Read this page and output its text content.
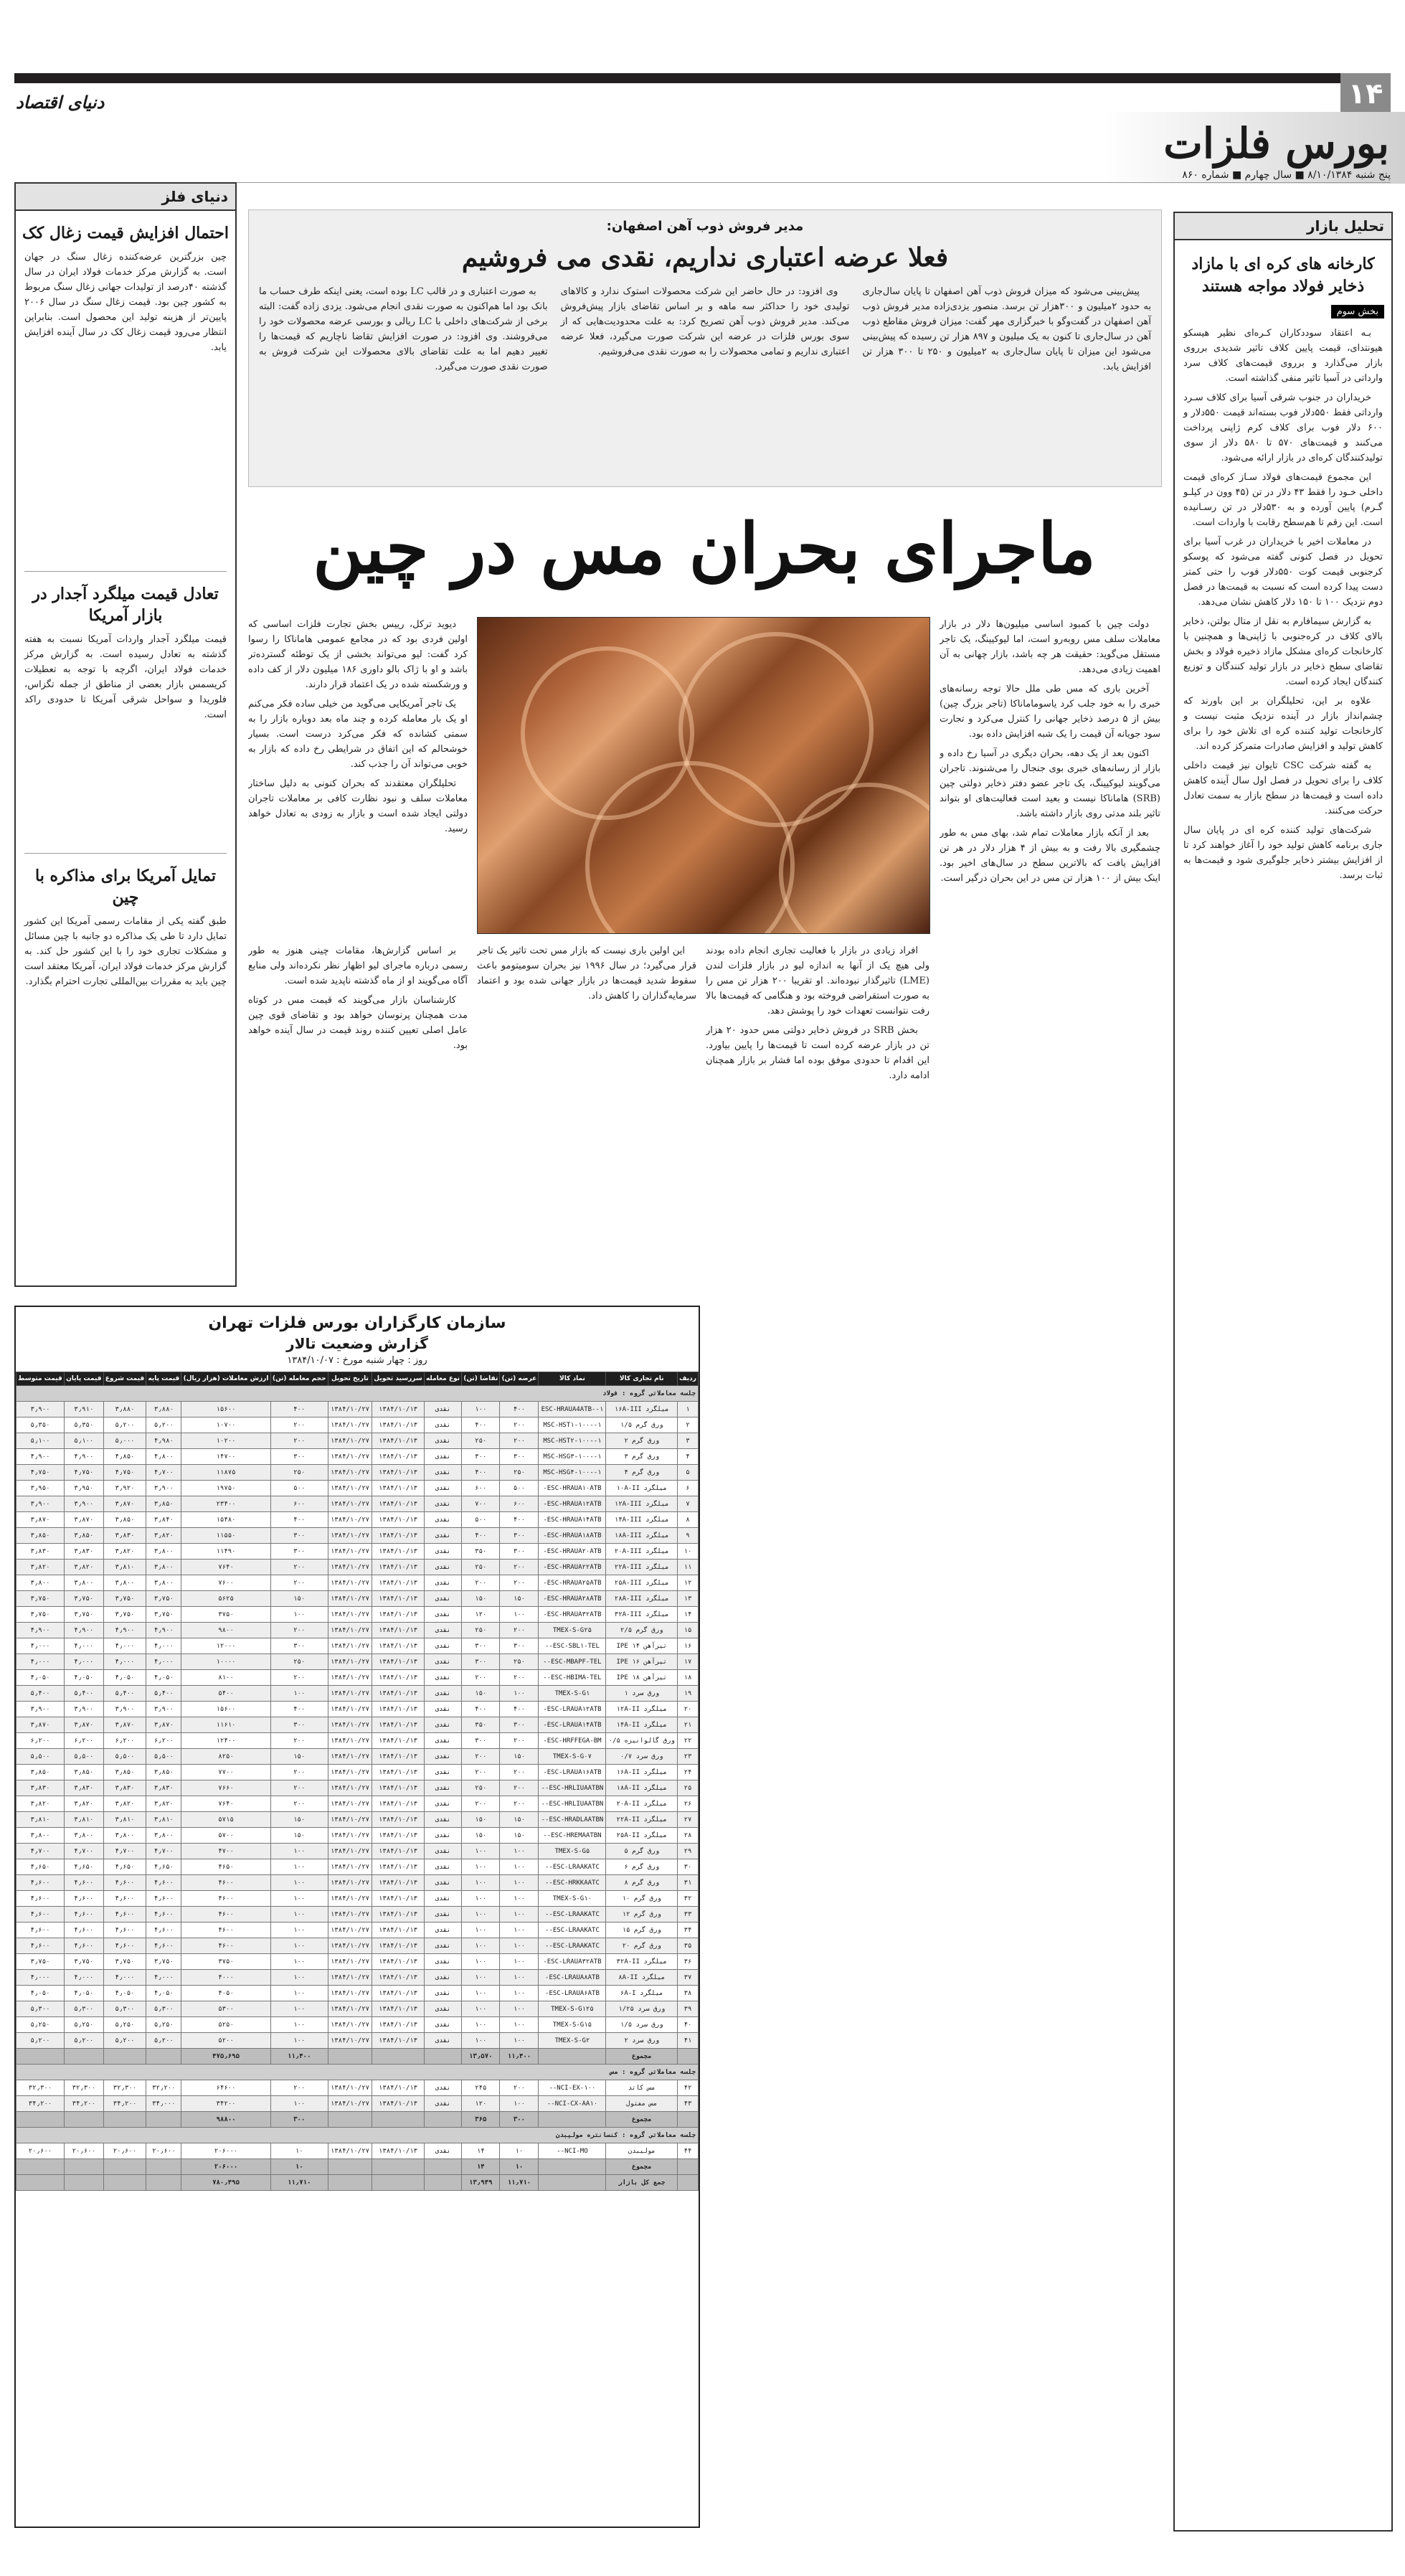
۱۴
دنیای اقتصاد
بورس فلزات
پنج شنبه ۸/۱۰/۱۳۸۴ ■ سال چهارم ■ شماره ۸۶۰
تحلیل بازار
کارخانه های کره ای با مازاد ذخایر فولاد مواجه هستند
بخش سوم

بـه اعتقاد سوددکاران کـره‌ای نظیر هیسکو هیونتدای، قیمت پایین کلاف تاثیر شدیدی برروی بازار می‌گذارد و برروی قیمت‌های کلاف سرد وارداتی در آسیا تاثیر منفی گذاشته است.

خریداران در جنوب شرقی آسیا برای کلاف سـرد وارداتی فقط ۵۵۰دلار فوب بسته‌اند قیمت ۵۵۰دلار و ۶۰۰ دلار فوب برای کلاف کرم ژاپنی پرداخت می‌کنند و قیمت‌های ۵۷۰ تا ۵۸۰ دلار از سوی تولیدکنندگان کره‌ای در بازار ارائه می‌شود.

این مجموع قیمت‌های فولاد سـاز کره‌ای قیمت داخلی خـود را فقط ۴۳ دلار در تن (۴۵ وون در کیلـو گـرم) پایین آورده و به ۵۳۰دلار در تن رسـانیده است. این رقم تا هم‌سطح رقابت با واردات است.

در معاملات اخیر با خریداران در غرب آسیا برای تحویل در فصل کنونی گفته می‌شود که پوسکو کرجنوبی قیمت کوت ۵۵۰دلار فوب را حتی کمتر دست پیدا کرده است که نسبت به قیمت‌ها در فصل دوم نزدیک ۱۰۰ تا ۱۵۰ دلار کاهش نشان می‌دهد.

به گزارش سیمافارم به نقل از متال بولتن، ذخایر بالای کلاف در کره‌جنوبی با ژاپنی‌ها و همچنین با کارخانجات کره‌ای مشکل مازاد ذخیره فولاد و بخش تقاضای سطح ذخایر در بازار تولید کنندگان و توزیع کنندگان ایجاد کرده است.

علاوه بر این، تحلیلگران بر این باورند که چشم‌انداز بازار در آینده نزدیک مثبت نیست و کارخانجات تولید کننده کره ای تلاش خود را برای کاهش تولید و افزایش صادرات متمرکز کرده اند.

به گفته شرکت CSC تایوان نیز قیمت داخلی کلاف را برای تحویل در فصل اول سال آینده کاهش داده است و قیمت‌ها در سطح بازار به سمت تعادل حرکت می‌کنند.

شرکت‌های تولید کننده کره ای در پایان سال جاری برنامه کاهش تولید خود را آغاز خواهند کرد تا از افزایش بیشتر ذخایر جلوگیری شود و قیمت‌ها به ثبات برسد.

مدیر فروش ذوب آهن اصفهان:
فعلا عرضه اعتباری نداریم، نقدی می فروشیم

پیش‌بینی می‌شود که میزان فروش ذوب آهن اصفهان تا پایان سال‌جاری به حدود ۲میلیون و ۳۰۰هزار تن برسد. منصور یزدی‌زاده مدیر فروش ذوب آهن اصفهان در گفت‌وگو با خبرگزاری مهر گفت: میزان فروش مقاطع ذوب آهن در سال‌جاری تا کنون به یک میلیون و ۸۹۷ هزار تن رسیده که پیش‌بینی می‌شود این میزان تا پایان سال‌جاری به ۲میلیون و ۲۵۰ تا ۳۰۰ هزار تن افزایش یابد.

وی افزود: در حال حاضر این شرکت محصولات استوک ندارد و کالاهای تولیدی خود را حداکثر سه ماهه و بر اساس تقاضای بازار پیش‌فروش می‌کند. مدیر فروش ذوب آهن تصریح کرد: به علت محدودیت‌هایی که از سوی بورس فلزات در عرضه این شرکت صورت می‌گیرد، فعلا عرضه اعتباری نداریم و تمامی محصولات را به صورت نقدی می‌فروشیم.

به صورت اعتباری و در قالب LC بوده است، یعنی اینکه طرف حساب ما بانک بود اما هم‌اکنون به صورت نقدی انجام می‌شود. یزدی زاده گفت: البته برخی از شرکت‌های داخلی با LC ریالی و بورسی عرضه محصولات خود را می‌فروشند. وی افزود: در صورت افزایش تقاضا ناچاریم که قیمت‌ها را تغییر دهیم اما به علت تقاضای بالای محصولات این شرکت فروش به صورت نقدی صورت می‌گیرد.

ماجرای بحران مس در چین

دولت چین با کمبود اساسی میلیون‌ها دلار در بازار معاملات سلف مس روبه‌رو است، اما لیوکیینگ، یک تاجر مستقل می‌گوید: حقیقت هر چه باشد، بازار چهانی به آن اهمیت زیادی می‌دهد.

آخرین باری که مس طی ملل حالا توجه رسانه‌های خبری را به خود جلب کرد یاسوماماناکا (تاجر بزرگ چین) بیش از ۵ درصد ذخایر جهانی را کنترل می‌کرد و تجارت سود جویانه آن قیمت را یک شبه افزایش داده بود.

اکنون بعد از یک دهه، بحران دیگری در آسیا رخ داده و بازار از رسانه‌های خبری بوی جنجال را می‌شنوند. تاجران می‌گویند لیوکیینگ، یک تاجر عضو دفتر ذخایر دولتی چین (SRB) هاماناکا نیست و بعید است فعالیت‌های او بتواند تاثیر بلند مدتی روی بازار داشته باشد.

بعد از آنکه بازار معاملات تمام شد، بهای مس به طور چشمگیری بالا رفت و به بیش از ۴ هزار دلار در هر تن افزایش یافت که بالاترین سطح در سال‌های اخیر بود. اینک بیش از ۱۰۰ هزار تن مس در این بحران درگیر است.

دیوید ترکل، رییس بخش تجارت فلزات اساسی که اولین فردی بود که در مجامع عمومی هاماناکا را رسوا کرد گفت: لیو می‌تواند بخشی از یک توطئه گسترده‌تر باشد و او با ژاک بالو داوری ۱۸۶ میلیون دلار از کف داده و ورشکسته شده در یک اعتماد قرار دارند.

یک تاجر آمریکایی می‌گوید من خیلی ساده فکر می‌کنم او یک بار معامله کرده و چند ماه بعد دوباره بازار را به سمتی کشانده که فکر می‌کرد درست است. بسیار خوشحالم که این اتفاق در شرایطی رخ داده که بازار به خوبی می‌تواند آن را جذب کند.

تحلیلگران معتقدند که بحران کنونی به دلیل ساختار معاملات سلف و نبود نظارت کافی بر معاملات تاجران دولتی ایجاد شده است و بازار به زودی به تعادل خواهد رسید.

افراد زیادی در بازار با فعالیت تجاری انجام داده بودند ولی هیچ یک از آنها به اندازه لیو در بازار فلزات لندن (LME) تاثیرگذار نبوده‌اند. او تقریبا ۲۰۰ هزار تن مس را به صورت استقراضی فروخته بود و هنگامی که قیمت‌ها بالا رفت نتوانست تعهدات خود را پوشش دهد.

بخش SRB در فروش ذخایر دولتی مس حدود ۲۰ هزار تن در بازار عرضه کرده است تا قیمت‌ها را پایین بیاورد. این اقدام تا حدودی موفق بوده اما فشار بر بازار همچنان ادامه دارد.

این اولین باری نیست که بازار مس تحت تاثیر یک تاجر قرار می‌گیرد؛ در سال ۱۹۹۶ نیز بحران سومیتومو باعث سقوط شدید قیمت‌ها در بازار جهانی شده بود و اعتماد سرمایه‌گذاران را کاهش داد.

بر اساس گزارش‌ها، مقامات چینی هنوز به طور رسمی درباره ماجرای لیو اظهار نظر نکرده‌اند ولی منابع آگاه می‌گویند او از ماه گذشته ناپدید شده است.

کارشناسان بازار می‌گویند که قیمت مس در کوتاه مدت همچنان پرنوسان خواهد بود و تقاضای قوی چین عامل اصلی تعیین کننده روند قیمت در سال آینده خواهد بود.

دنیای فلز
احتمال افزایش قیمت زغال کک
چین بزرگترین عرضه‌کننده زغال سنگ در جهان است. به گزارش مرکز خدمات فولاد ایران در سال گذشته ۴۰درصد از تولیدات جهانی زغال سنگ مربوط به کشور چین بود. قیمت زغال سنگ در سال ۲۰۰۶ پایین‌تر از هزینه تولید این محصول است. بنابراین انتظار می‌رود قیمت زغال کک در سال آینده افزایش یابد.
تعادل قیمت میلگرد آجدار در بازار آمریکا
قیمت میلگرد آجدار واردات آمریکا نسبت به هفته گذشته به تعادل رسیده است. به گزارش مرکز خدمات فولاد ایران، اگرچه با توجه به تعطیلات کریسمس بازار بعضی از مناطق از جمله تگزاس، فلوریدا و سواحل شرقی آمریکا تا حدودی راکد است.
تمایل آمریکا برای مذاکره با چین
طبق گفته یکی از مقامات رسمی آمریکا این کشور تمایل دارد تا طی یک مذاکره دو جانبه با چین مسائل و مشکلات تجاری خود را با این کشور حل کند. به گزارش مرکز خدمات فولاد ایران، آمریکا معتقد است چین باید به مقررات بین‌المللی تجارت احترام بگذارد.
سازمان کارگزاران بورس فلزات تهران
گزارش وضعیت تالار
روز : چهار شنبه مورخ : ۱۳۸۴/۱۰/۰۷
ردیف	نام تجاری کالا	نماد کالا	عرضه (تن)	تقاضا (تن)	نوع معامله	سررسید تحویل	تاریخ تحویل	حجم معامله (تن)	ارزش معاملات (هزار ریال)	قیمت پایه	قیمت شروع	قیمت پایان	قیمت متوسط
جلسه معاملاتی گروه : فولاد													
۱	میلگرد ۱۶A-III	ESC-HRAUA4ATB--۱	۴۰۰	۱۰۰	نقدی	۱۳۸۴/۱۰/۱۳	۱۳۸۴/۱۰/۲۷	۴۰۰	۱۵۶۰۰	۳٫۸۸۰	۳٫۸۸۰	۳٫۹۱۰	۳٫۹۰۰
۲	ورق گرم ۱/۵	MSC-HST۱-۱۰۰--۱	۲۰۰	۴۰۰	نقدی	۱۳۸۴/۱۰/۱۳	۱۳۸۴/۱۰/۲۷	۲۰۰	۱۰۷۰۰	۵٫۲۰۰	۵٫۲۰۰	۵٫۳۵۰	۵٫۳۵۰
۳	ورق گرم ۲	MSC-HST۲-۱۰۰--۱	۲۰۰	۲۵۰	نقدی	۱۳۸۴/۱۰/۱۳	۱۳۸۴/۱۰/۲۷	۲۰۰	۱۰۲۰۰	۴٫۹۸۰	۵٫۰۰۰	۵٫۱۰۰	۵٫۱۰۰
۴	ورق گرم ۳	MSC-HSG۳-۱۰۰--۱	۳۰۰	۳۰۰	نقدی	۱۳۸۴/۱۰/۱۳	۱۳۸۴/۱۰/۲۷	۳۰۰	۱۴۷۰۰	۴٫۸۰۰	۴٫۸۵۰	۴٫۹۰۰	۴٫۹۰۰
۵	ورق گرم ۴	MSC-HSG۴-۱۰۰--۱	۲۵۰	۴۰۰	نقدی	۱۳۸۴/۱۰/۱۳	۱۳۸۴/۱۰/۲۷	۲۵۰	۱۱۸۷۵	۴٫۷۰۰	۴٫۷۵۰	۴٫۷۵۰	۴٫۷۵۰
۶	میلگرد ۱۰A-II	ESC-HRAUA۱۰ATB-	۵۰۰	۶۰۰	نقدی	۱۳۸۴/۱۰/۱۳	۱۳۸۴/۱۰/۲۷	۵۰۰	۱۹۷۵۰	۳٫۹۰۰	۳٫۹۲۰	۳٫۹۵۰	۳٫۹۵۰
۷	میلگرد ۱۲A-III	ESC-HRAUA۱۲ATB-	۶۰۰	۷۰۰	نقدی	۱۳۸۴/۱۰/۱۳	۱۳۸۴/۱۰/۲۷	۶۰۰	۲۳۴۰۰	۳٫۸۵۰	۳٫۸۷۰	۳٫۹۰۰	۳٫۹۰۰
۸	میلگرد ۱۴A-III	ESC-HRAUA۱۴ATB-	۴۰۰	۵۰۰	نقدی	۱۳۸۴/۱۰/۱۳	۱۳۸۴/۱۰/۲۷	۴۰۰	۱۵۴۸۰	۳٫۸۴۰	۳٫۸۵۰	۳٫۸۷۰	۳٫۸۷۰
۹	میلگرد ۱۸A-III	ESC-HRAUA۱۸ATB-	۳۰۰	۴۰۰	نقدی	۱۳۸۴/۱۰/۱۳	۱۳۸۴/۱۰/۲۷	۳۰۰	۱۱۵۵۰	۳٫۸۲۰	۳٫۸۳۰	۳٫۸۵۰	۳٫۸۵۰
۱۰	میلگرد ۲۰A-III	ESC-HRAUA۲۰ATB-	۳۰۰	۳۵۰	نقدی	۱۳۸۴/۱۰/۱۳	۱۳۸۴/۱۰/۲۷	۳۰۰	۱۱۴۹۰	۳٫۸۰۰	۳٫۸۲۰	۳٫۸۳۰	۳٫۸۳۰
۱۱	میلگرد ۲۲A-III	ESC-HRAUA۲۲ATB-	۲۰۰	۲۵۰	نقدی	۱۳۸۴/۱۰/۱۳	۱۳۸۴/۱۰/۲۷	۲۰۰	۷۶۴۰	۳٫۸۰۰	۳٫۸۱۰	۳٫۸۲۰	۳٫۸۲۰
۱۲	میلگرد ۲۵A-III	ESC-HRAUA۲۵ATB-	۲۰۰	۲۰۰	نقدی	۱۳۸۴/۱۰/۱۳	۱۳۸۴/۱۰/۲۷	۲۰۰	۷۶۰۰	۳٫۸۰۰	۳٫۸۰۰	۳٫۸۰۰	۳٫۸۰۰
۱۳	میلگرد ۲۸A-III	ESC-HRAUA۲۸ATB-	۱۵۰	۱۵۰	نقدی	۱۳۸۴/۱۰/۱۳	۱۳۸۴/۱۰/۲۷	۱۵۰	۵۶۲۵	۳٫۷۵۰	۳٫۷۵۰	۳٫۷۵۰	۳٫۷۵۰
۱۴	میلگرد ۳۲A-III	ESC-HRAUA۳۲ATB-	۱۰۰	۱۲۰	نقدی	۱۳۸۴/۱۰/۱۳	۱۳۸۴/۱۰/۲۷	۱۰۰	۳۷۵۰	۳٫۷۵۰	۳٫۷۵۰	۳٫۷۵۰	۳٫۷۵۰
۱۵	ورق گرم ۲/۵	TMEX-S-G۲۵	۲۰۰	۲۵۰	نقدی	۱۳۸۴/۱۰/۱۳	۱۳۸۴/۱۰/۲۷	۲۰۰	۹۸۰۰	۴٫۹۰۰	۴٫۹۰۰	۴٫۹۰۰	۴٫۹۰۰
۱۶	تیرآهن ۱۴ IPE	ESC-SBL۱-TEL--	۳۰۰	۳۰۰	نقدی	۱۳۸۴/۱۰/۱۳	۱۳۸۴/۱۰/۲۷	۳۰۰	۱۲۰۰۰	۴٫۰۰۰	۴٫۰۰۰	۴٫۰۰۰	۴٫۰۰۰
۱۷	تیرآهن ۱۶ IPE	ESC-MBAPF-TEL--	۲۵۰	۳۰۰	نقدی	۱۳۸۴/۱۰/۱۳	۱۳۸۴/۱۰/۲۷	۲۵۰	۱۰۰۰۰	۴٫۰۰۰	۴٫۰۰۰	۴٫۰۰۰	۴٫۰۰۰
۱۸	تیرآهن ۱۸ IPE	ESC-HBIMA-TEL--	۲۰۰	۲۰۰	نقدی	۱۳۸۴/۱۰/۱۳	۱۳۸۴/۱۰/۲۷	۲۰۰	۸۱۰۰	۴٫۰۵۰	۴٫۰۵۰	۴٫۰۵۰	۴٫۰۵۰
۱۹	ورق سرد ۱	TMEX-S-G۱	۱۰۰	۱۵۰	نقدی	۱۳۸۴/۱۰/۱۳	۱۳۸۴/۱۰/۲۷	۱۰۰	۵۴۰۰	۵٫۴۰۰	۵٫۴۰۰	۵٫۴۰۰	۵٫۴۰۰
۲۰	میلگرد ۱۲A-II	ESC-LRAUA۱۲ATB-	۴۰۰	۴۰۰	نقدی	۱۳۸۴/۱۰/۱۳	۱۳۸۴/۱۰/۲۷	۴۰۰	۱۵۶۰۰	۳٫۹۰۰	۳٫۹۰۰	۳٫۹۰۰	۳٫۹۰۰
۲۱	میلگرد ۱۴A-II	ESC-LRAUA۱۴ATB-	۳۰۰	۳۵۰	نقدی	۱۳۸۴/۱۰/۱۳	۱۳۸۴/۱۰/۲۷	۳۰۰	۱۱۶۱۰	۳٫۸۷۰	۳٫۸۷۰	۳٫۸۷۰	۳٫۸۷۰
۲۲	ورق گالوانیزه ۰/۵	ESC-HRFFEGA-BM-	۲۰۰	۳۰۰	نقدی	۱۳۸۴/۱۰/۱۳	۱۳۸۴/۱۰/۲۷	۲۰۰	۱۲۴۰۰	۶٫۲۰۰	۶٫۲۰۰	۶٫۲۰۰	۶٫۲۰۰
۲۳	ورق سرد ۰/۷	TMEX-S-G۰۷	۱۵۰	۲۰۰	نقدی	۱۳۸۴/۱۰/۱۳	۱۳۸۴/۱۰/۲۷	۱۵۰	۸۲۵۰	۵٫۵۰۰	۵٫۵۰۰	۵٫۵۰۰	۵٫۵۰۰
۲۴	میلگرد ۱۶A-II	ESC-LRAUA۱۶ATB-	۲۰۰	۲۰۰	نقدی	۱۳۸۴/۱۰/۱۳	۱۳۸۴/۱۰/۲۷	۲۰۰	۷۷۰۰	۳٫۸۵۰	۳٫۸۵۰	۳٫۸۵۰	۳٫۸۵۰
۲۵	میلگرد ۱۸A-II	ESC-HRLIUAATBN--	۲۰۰	۲۵۰	نقدی	۱۳۸۴/۱۰/۱۳	۱۳۸۴/۱۰/۲۷	۲۰۰	۷۶۶۰	۳٫۸۳۰	۳٫۸۳۰	۳٫۸۳۰	۳٫۸۳۰
۲۶	میلگرد ۲۰A-II	ESC-HRLIUAATBN--	۲۰۰	۲۰۰	نقدی	۱۳۸۴/۱۰/۱۳	۱۳۸۴/۱۰/۲۷	۲۰۰	۷۶۴۰	۳٫۸۲۰	۳٫۸۲۰	۳٫۸۲۰	۳٫۸۲۰
۲۷	میلگرد ۲۲A-II	ESC-HRADLAATBN--	۱۵۰	۱۵۰	نقدی	۱۳۸۴/۱۰/۱۳	۱۳۸۴/۱۰/۲۷	۱۵۰	۵۷۱۵	۳٫۸۱۰	۳٫۸۱۰	۳٫۸۱۰	۳٫۸۱۰
۲۸	میلگرد ۲۵A-II	ESC-HREMAATBN--	۱۵۰	۱۵۰	نقدی	۱۳۸۴/۱۰/۱۳	۱۳۸۴/۱۰/۲۷	۱۵۰	۵۷۰۰	۳٫۸۰۰	۳٫۸۰۰	۳٫۸۰۰	۳٫۸۰۰
۲۹	ورق گرم ۵	TMEX-S-G۵	۱۰۰	۱۰۰	نقدی	۱۳۸۴/۱۰/۱۳	۱۳۸۴/۱۰/۲۷	۱۰۰	۴۷۰۰	۴٫۷۰۰	۴٫۷۰۰	۴٫۷۰۰	۴٫۷۰۰
۳۰	ورق گرم ۶	ESC-LRAAKATC--	۱۰۰	۱۰۰	نقدی	۱۳۸۴/۱۰/۱۳	۱۳۸۴/۱۰/۲۷	۱۰۰	۴۶۵۰	۴٫۶۵۰	۴٫۶۵۰	۴٫۶۵۰	۴٫۶۵۰
۳۱	ورق گرم ۸	ESC-HRKKAATC--	۱۰۰	۱۰۰	نقدی	۱۳۸۴/۱۰/۱۳	۱۳۸۴/۱۰/۲۷	۱۰۰	۴۶۰۰	۴٫۶۰۰	۴٫۶۰۰	۴٫۶۰۰	۴٫۶۰۰
۳۲	ورق گرم ۱۰	TMEX-S-G۱۰	۱۰۰	۱۰۰	نقدی	۱۳۸۴/۱۰/۱۳	۱۳۸۴/۱۰/۲۷	۱۰۰	۴۶۰۰	۴٫۶۰۰	۴٫۶۰۰	۴٫۶۰۰	۴٫۶۰۰
۳۳	ورق گرم ۱۲	ESC-LRAAKATC--	۱۰۰	۱۰۰	نقدی	۱۳۸۴/۱۰/۱۳	۱۳۸۴/۱۰/۲۷	۱۰۰	۴۶۰۰	۴٫۶۰۰	۴٫۶۰۰	۴٫۶۰۰	۴٫۶۰۰
۳۴	ورق گرم ۱۵	ESC-LRAAKATC--	۱۰۰	۱۰۰	نقدی	۱۳۸۴/۱۰/۱۳	۱۳۸۴/۱۰/۲۷	۱۰۰	۴۶۰۰	۴٫۶۰۰	۴٫۶۰۰	۴٫۶۰۰	۴٫۶۰۰
۳۵	ورق گرم ۲۰	ESC-LRAAKATC--	۱۰۰	۱۰۰	نقدی	۱۳۸۴/۱۰/۱۳	۱۳۸۴/۱۰/۲۷	۱۰۰	۴۶۰۰	۴٫۶۰۰	۴٫۶۰۰	۴٫۶۰۰	۴٫۶۰۰
۳۶	میلگرد ۳۲A-II	ESC-LRAUA۳۲ATB-	۱۰۰	۱۰۰	نقدی	۱۳۸۴/۱۰/۱۳	۱۳۸۴/۱۰/۲۷	۱۰۰	۳۷۵۰	۳٫۷۵۰	۳٫۷۵۰	۳٫۷۵۰	۳٫۷۵۰
۳۷	میلگرد ۸A-II	ESC-LRAUA۸ATB-	۱۰۰	۱۰۰	نقدی	۱۳۸۴/۱۰/۱۳	۱۳۸۴/۱۰/۲۷	۱۰۰	۴۰۰۰	۴٫۰۰۰	۴٫۰۰۰	۴٫۰۰۰	۴٫۰۰۰
۳۸	میلگرد ۶A-I	ESC-LRAUA۶ATB-	۱۰۰	۱۰۰	نقدی	۱۳۸۴/۱۰/۱۳	۱۳۸۴/۱۰/۲۷	۱۰۰	۴۰۵۰	۴٫۰۵۰	۴٫۰۵۰	۴٫۰۵۰	۴٫۰۵۰
۳۹	ورق سرد ۱/۲۵	TMEX-S-G۱۲۵	۱۰۰	۱۰۰	نقدی	۱۳۸۴/۱۰/۱۳	۱۳۸۴/۱۰/۲۷	۱۰۰	۵۳۰۰	۵٫۳۰۰	۵٫۳۰۰	۵٫۳۰۰	۵٫۳۰۰
۴۰	ورق سرد ۱/۵	TMEX-S-G۱۵	۱۰۰	۱۰۰	نقدی	۱۳۸۴/۱۰/۱۳	۱۳۸۴/۱۰/۲۷	۱۰۰	۵۲۵۰	۵٫۲۵۰	۵٫۲۵۰	۵٫۲۵۰	۵٫۲۵۰
۴۱	ورق سرد ۲	TMEX-S-G۲	۱۰۰	۱۰۰	نقدی	۱۳۸۴/۱۰/۱۳	۱۳۸۴/۱۰/۲۷	۱۰۰	۵۲۰۰	۵٫۲۰۰	۵٫۲۰۰	۵٫۲۰۰	۵٫۲۰۰
	مجموع		۱۱٫۴۰۰	۱۳٫۵۷۰				۱۱٫۴۰۰	۴۷۵٫۶۹۵				
جلسه معاملاتی گروه : مس													
۴۲	مس کاتد	NCI-EX-۱۰۰--	۲۰۰	۲۴۵	نقدی	۱۳۸۴/۱۰/۱۳	۱۳۸۴/۱۰/۲۷	۲۰۰	۶۴۶۰۰	۳۲٫۲۰۰	۳۲٫۳۰۰	۳۲٫۳۰۰	۳۲٫۳۰۰
۴۳	مس مفتول	NCI-CX-AA۱۰--	۱۰۰	۱۲۰	نقدی	۱۳۸۴/۱۰/۱۳	۱۳۸۴/۱۰/۲۷	۱۰۰	۳۴۲۰۰	۳۴٫۰۰۰	۳۴٫۲۰۰	۳۴٫۲۰۰	۳۴٫۲۰۰
	مجموع		۳۰۰	۳۶۵				۳۰۰	۹۸۸۰۰				
جلسه معاملاتی گروه : کنسانتره مولیبدن													
۴۴	مولیبدن	NCI-MO--	۱۰	۱۴	نقدی	۱۳۸۴/۱۰/۱۳	۱۳۸۴/۱۰/۲۷	۱۰	۲۰۶۰۰۰	۲۰٫۶۰۰	۲۰٫۶۰۰	۲۰٫۶۰۰	۲۰٫۶۰۰
	مجموع		۱۰	۱۴				۱۰	۲۰۶۰۰۰				
	جمع کل بازار		۱۱٫۷۱۰	۱۳٫۹۴۹				۱۱٫۷۱۰	۷۸۰٫۴۹۵				
